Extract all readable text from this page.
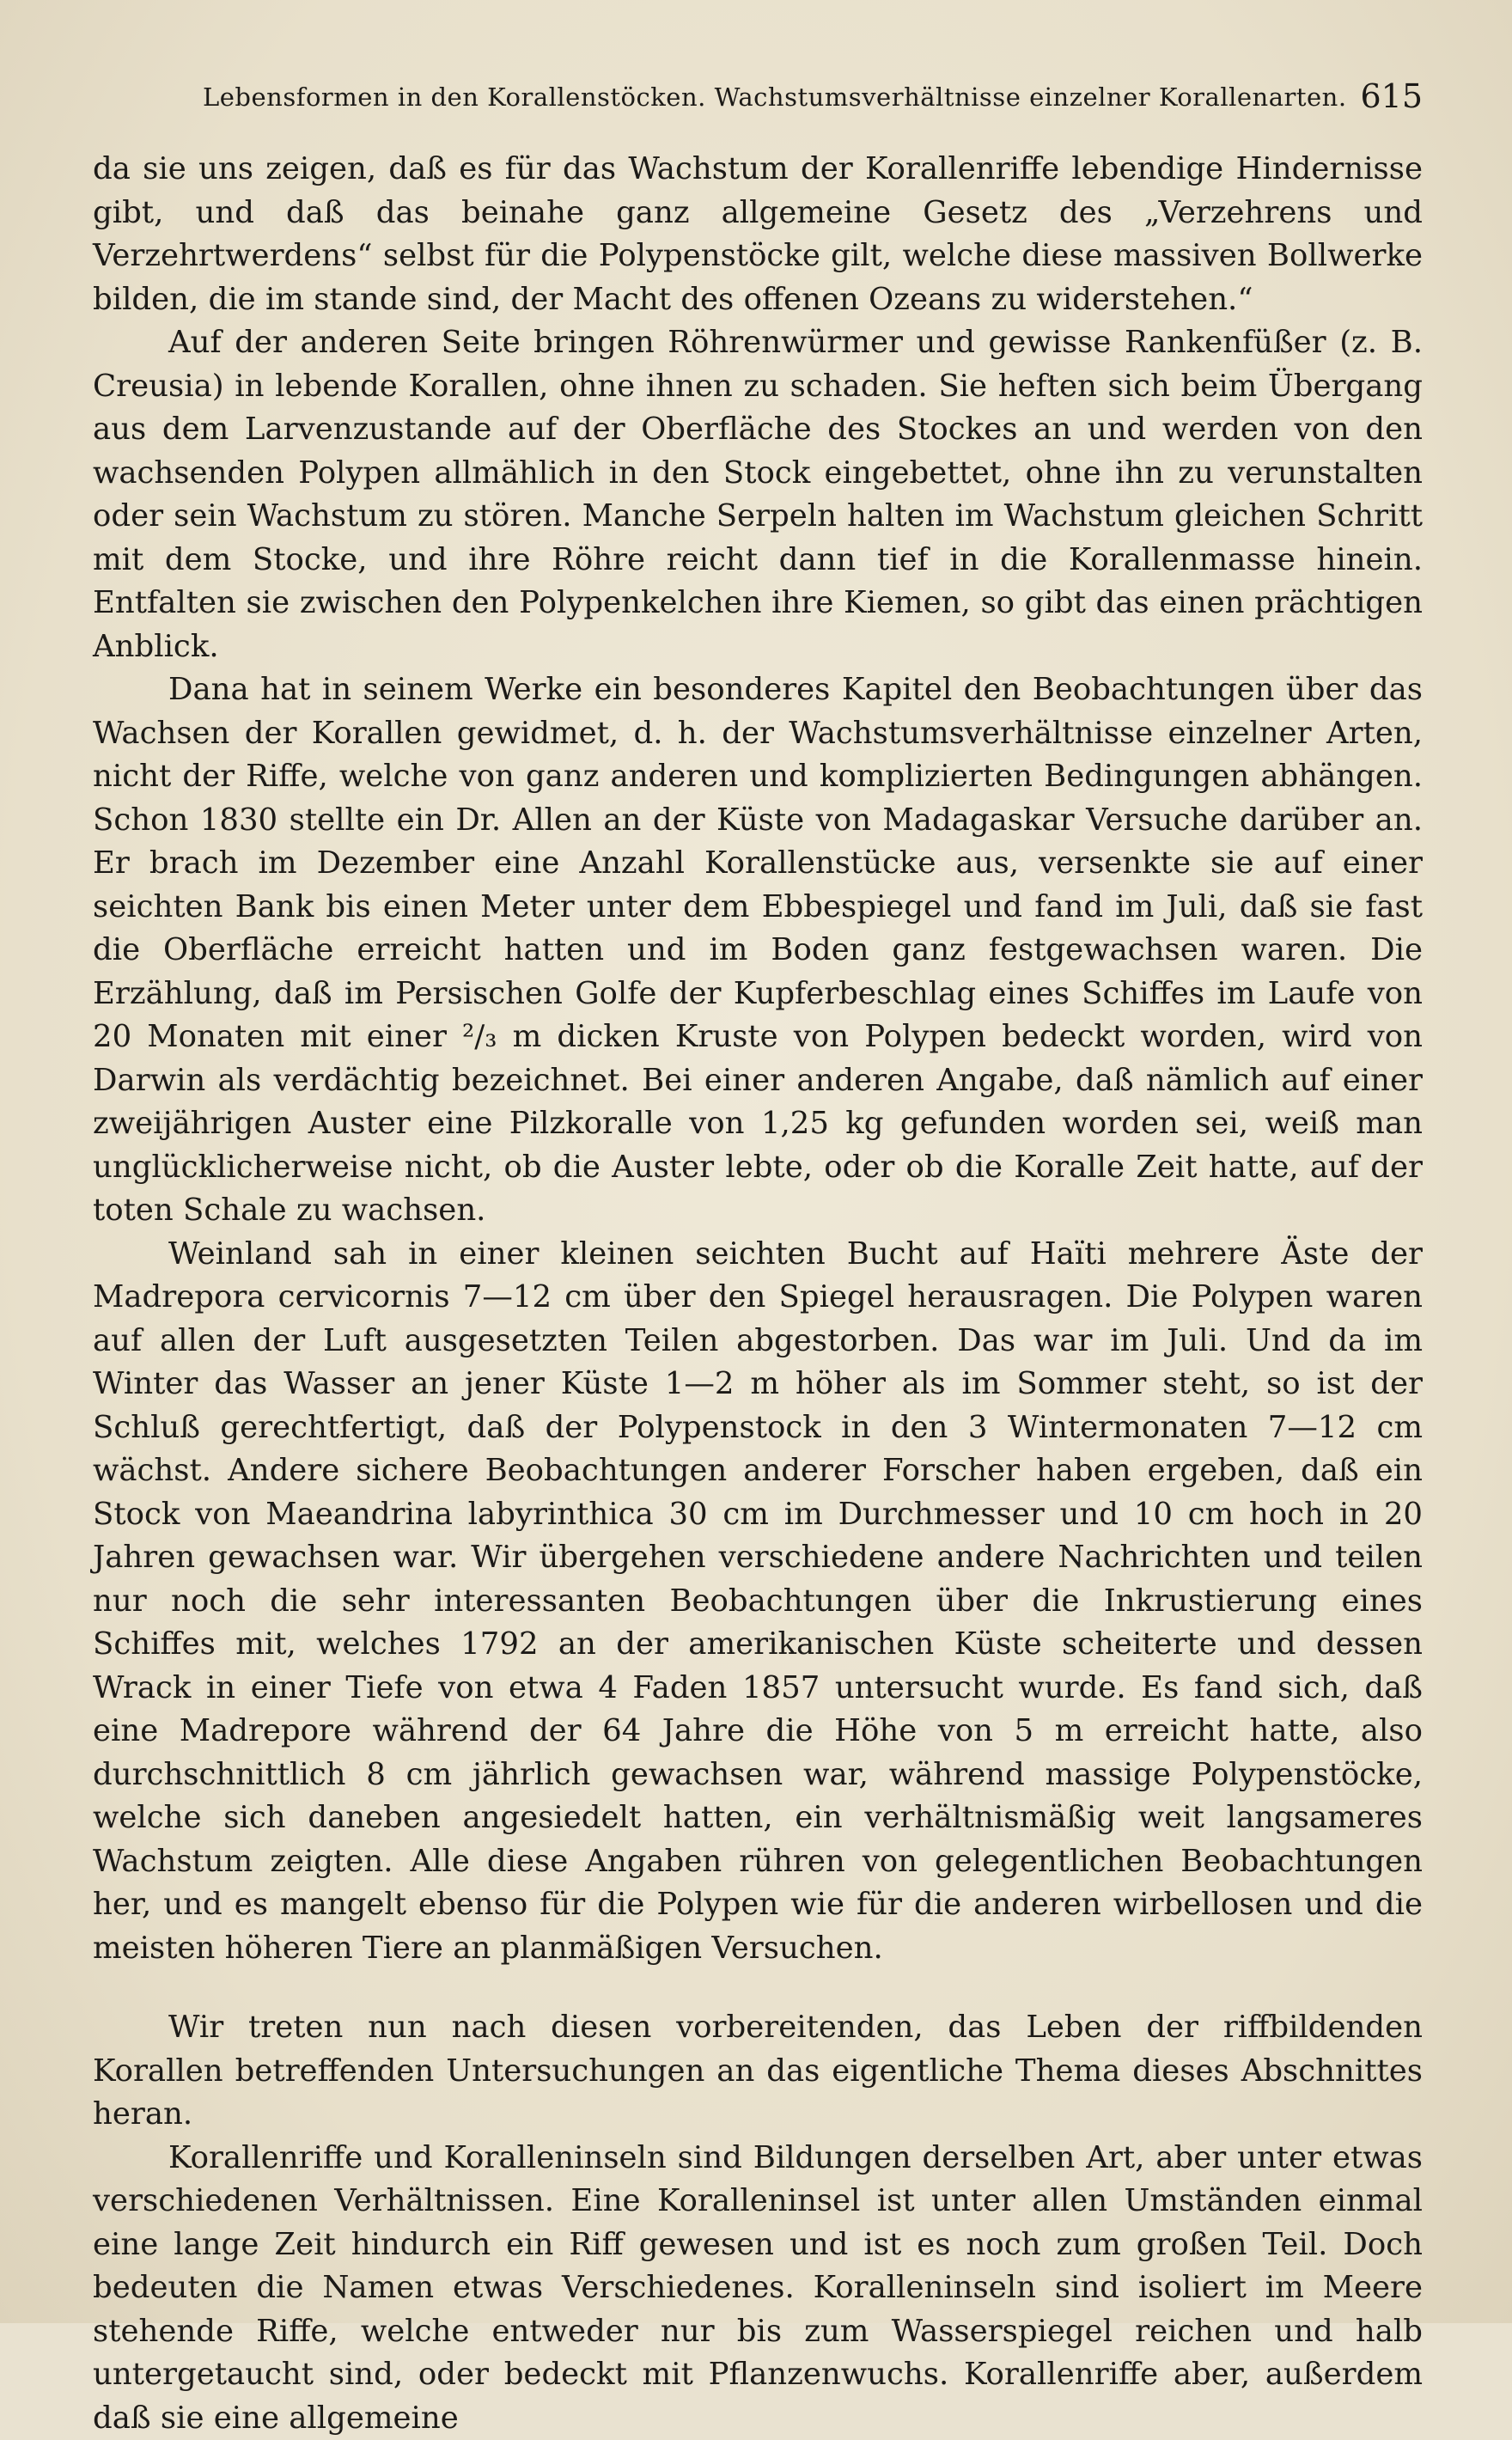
Lebensformen in den Korallenstöcken. Wachstumsverhältnisse einzelner Korallenarten. 615

da sie uns zeigen, daß es für das Wachstum der Korallenriffe lebendige Hindernisse gibt, und daß das beinahe ganz allgemeine Gesetz des „Verzehrens und Verzehrtwerdens“ selbst für die Polypenstöcke gilt, welche diese massiven Bollwerke bilden, die im stande sind, der Macht des offenen Ozeans zu widerstehen.“

Auf der anderen Seite bringen Röhrenwürmer und gewisse Rankenfüßer (z. B. Creusia) in lebende Korallen, ohne ihnen zu schaden. Sie heften sich beim Übergang aus dem Larvenzustande auf der Oberfläche des Stockes an und werden von den wachsenden Polypen allmählich in den Stock eingebettet, ohne ihn zu verunstalten oder sein Wachstum zu stören. Manche Serpeln halten im Wachstum gleichen Schritt mit dem Stocke, und ihre Röhre reicht dann tief in die Korallenmasse hinein. Entfalten sie zwischen den Polypenkelchen ihre Kiemen, so gibt das einen prächtigen Anblick.

Dana hat in seinem Werke ein besonderes Kapitel den Beobachtungen über das Wachsen der Korallen gewidmet, d. h. der Wachstumsverhältnisse einzelner Arten, nicht der Riffe, welche von ganz anderen und komplizierten Bedingungen abhängen. Schon 1830 stellte ein Dr. Allen an der Küste von Madagaskar Versuche darüber an. Er brach im Dezember eine Anzahl Korallenstücke aus, versenkte sie auf einer seichten Bank bis einen Meter unter dem Ebbespiegel und fand im Juli, daß sie fast die Oberfläche erreicht hatten und im Boden ganz festgewachsen waren. Die Erzählung, daß im Persischen Golfe der Kupferbeschlag eines Schiffes im Laufe von 20 Monaten mit einer ²/₃ m dicken Kruste von Polypen bedeckt worden, wird von Darwin als verdächtig bezeichnet. Bei einer anderen Angabe, daß nämlich auf einer zweijährigen Auster eine Pilzkoralle von 1,25 kg gefunden worden sei, weiß man unglücklicherweise nicht, ob die Auster lebte, oder ob die Koralle Zeit hatte, auf der toten Schale zu wachsen.

Weinland sah in einer kleinen seichten Bucht auf Haïti mehrere Äste der Madrepora cervicornis 7—12 cm über den Spiegel herausragen. Die Polypen waren auf allen der Luft ausgesetzten Teilen abgestorben. Das war im Juli. Und da im Winter das Wasser an jener Küste 1—2 m höher als im Sommer steht, so ist der Schluß gerechtfertigt, daß der Polypenstock in den 3 Wintermonaten 7—12 cm wächst. Andere sichere Beobachtungen anderer Forscher haben ergeben, daß ein Stock von Maeandrina labyrinthica 30 cm im Durchmesser und 10 cm hoch in 20 Jahren gewachsen war. Wir übergehen verschiedene andere Nachrichten und teilen nur noch die sehr interessanten Beobachtungen über die Inkrustierung eines Schiffes mit, welches 1792 an der amerikanischen Küste scheiterte und dessen Wrack in einer Tiefe von etwa 4 Faden 1857 untersucht wurde. Es fand sich, daß eine Madrepore während der 64 Jahre die Höhe von 5 m erreicht hatte, also durchschnittlich 8 cm jährlich gewachsen war, während massige Polypenstöcke, welche sich daneben angesiedelt hatten, ein verhältnismäßig weit langsameres Wachstum zeigten. Alle diese Angaben rühren von gelegentlichen Beobachtungen her, und es mangelt ebenso für die Polypen wie für die anderen wirbellosen und die meisten höheren Tiere an planmäßigen Versuchen.

Wir treten nun nach diesen vorbereitenden, das Leben der riffbildenden Korallen betreffenden Untersuchungen an das eigentliche Thema dieses Abschnittes heran.

Korallenriffe und Koralleninseln sind Bildungen derselben Art, aber unter etwas verschiedenen Verhältnissen. Eine Koralleninsel ist unter allen Umständen einmal eine lange Zeit hindurch ein Riff gewesen und ist es noch zum großen Teil. Doch bedeuten die Namen etwas Verschiedenes. Koralleninseln sind isoliert im Meere stehende Riffe, welche entweder nur bis zum Wasserspiegel reichen und halb untergetaucht sind, oder bedeckt mit Pflanzenwuchs. Korallenriffe aber, außerdem daß sie eine allgemeine
